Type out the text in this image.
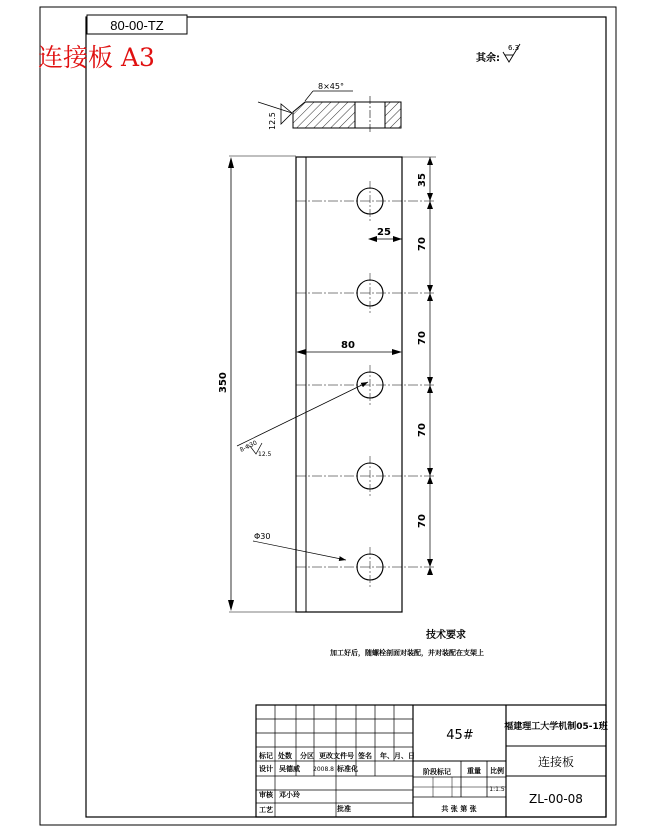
80-00-TZ
连接板 A3	其余:
6.3
8×45°
12.5
350
80
25
35
70
70
70
70
8-Φ30
12.5
Φ30
技术要求
加工好后，随螺栓剖面对装配，并对装配在支架上
45#
福建理工大学机制05-1班
连接板
ZL-00-08
阶段标记 重量 比例
1:1.5
共 张 第 张
设计 吴德威 2008.8 标准化
审核 邓小玲
工艺	批准
标记 处数 分区 更改文件号 签名 年、月、日
